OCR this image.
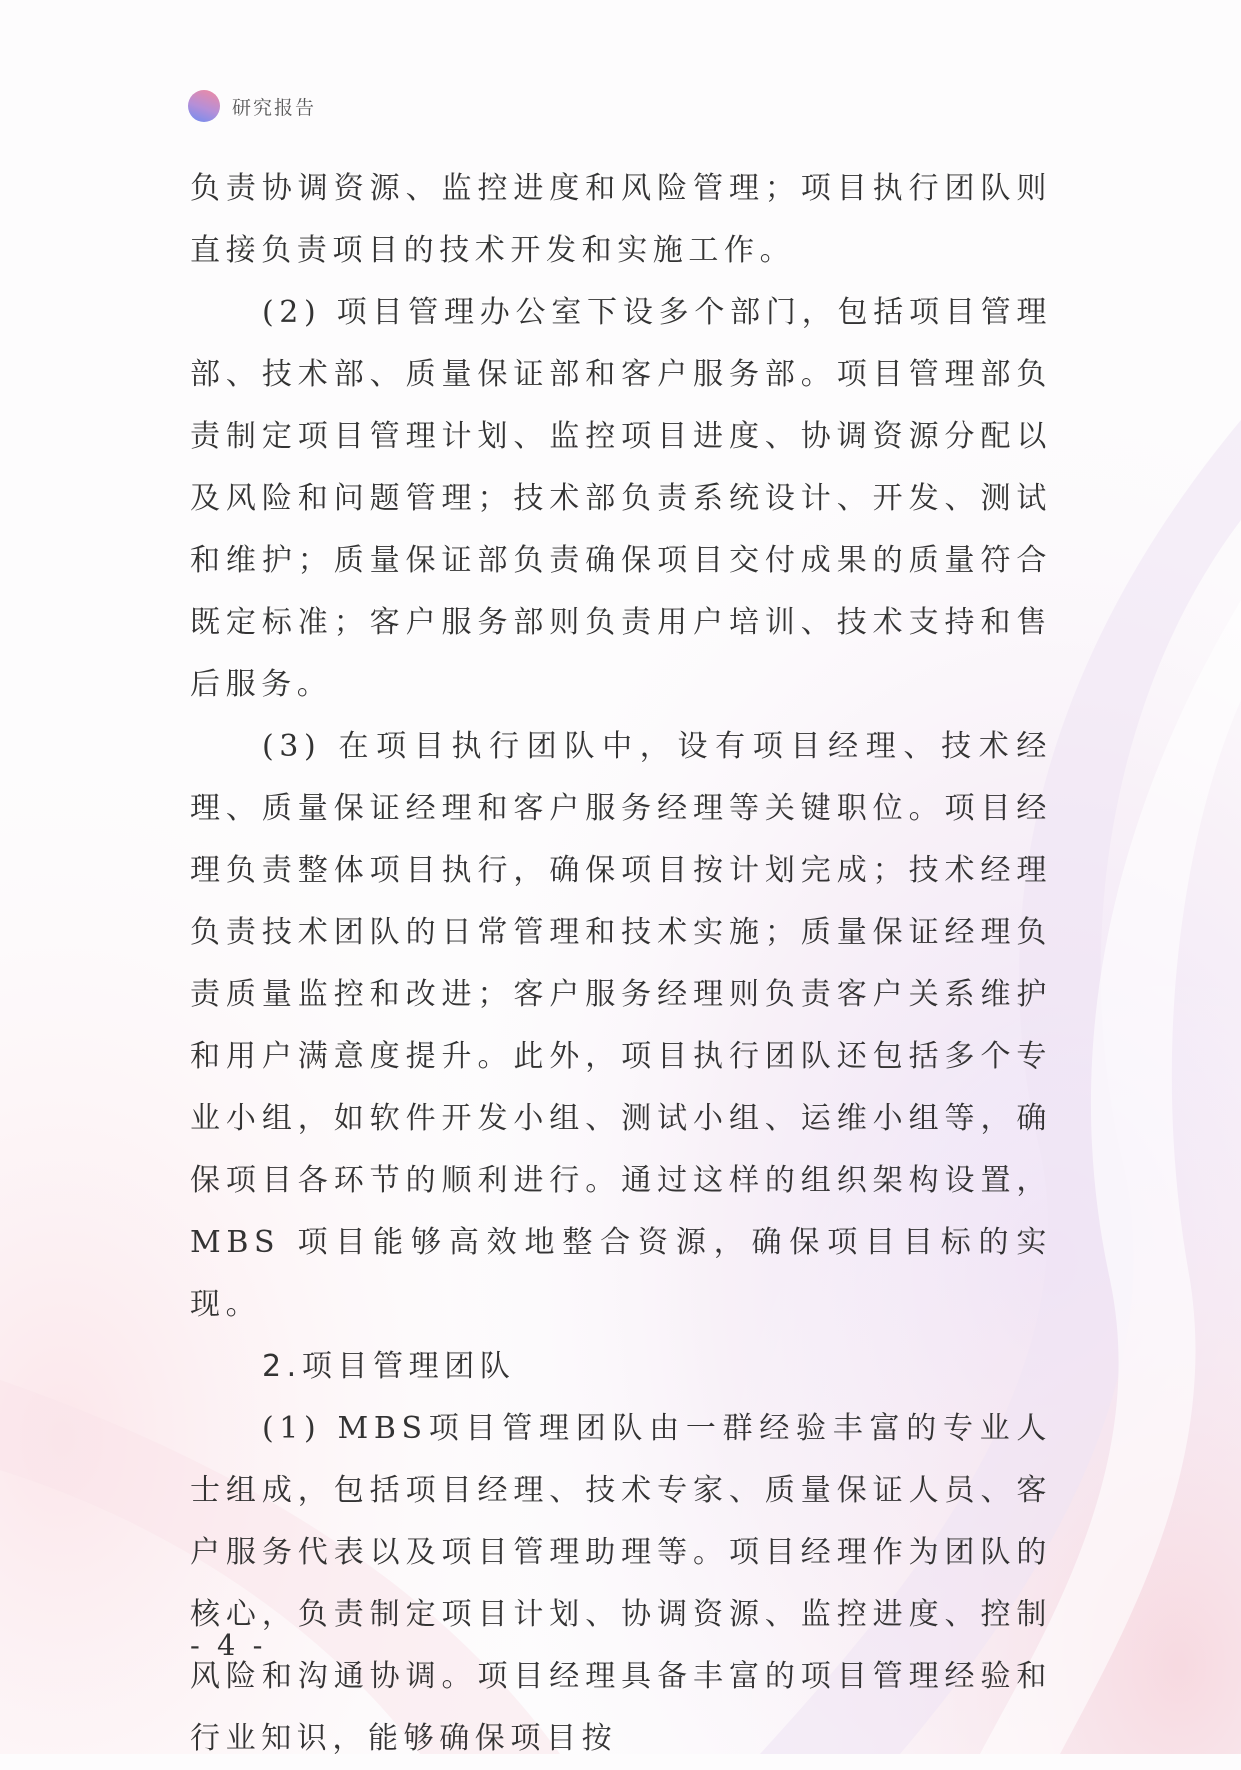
研究报告

负责协调资源、监控进度和风险管理；项目执行团队则直接负责项目的技术开发和实施工作。

(2) 项目管理办公室下设多个部门，包括项目管理部、技术部、质量保证部和客户服务部。项目管理部负责制定项目管理计划、监控项目进度、协调资源分配以及风险和问题管理；技术部负责系统设计、开发、测试和维护；质量保证部负责确保项目交付成果的质量符合既定标准；客户服务部则负责用户培训、技术支持和售后服务。

(3) 在项目执行团队中，设有项目经理、技术经理、质量保证经理和客户服务经理等关键职位。项目经理负责整体项目执行，确保项目按计划完成；技术经理负责技术团队的日常管理和技术实施；质量保证经理负责质量监控和改进；客户服务经理则负责客户关系维护和用户满意度提升。此外，项目执行团队还包括多个专业小组，如软件开发小组、测试小组、运维小组等，确保项目各环节的顺利进行。通过这样的组织架构设置，MBS 项目能够高效地整合资源，确保项目目标的实现。

2.项目管理团队

(1) MBS项目管理团队由一群经验丰富的专业人士组成，包括项目经理、技术专家、质量保证人员、客户服务代表以及项目管理助理等。项目经理作为团队的核心，负责制定项目计划、协调资源、监控进度、控制风险和沟通协调。项目经理具备丰富的项目管理经验和行业知识，能够确保项目按

- 4 -
